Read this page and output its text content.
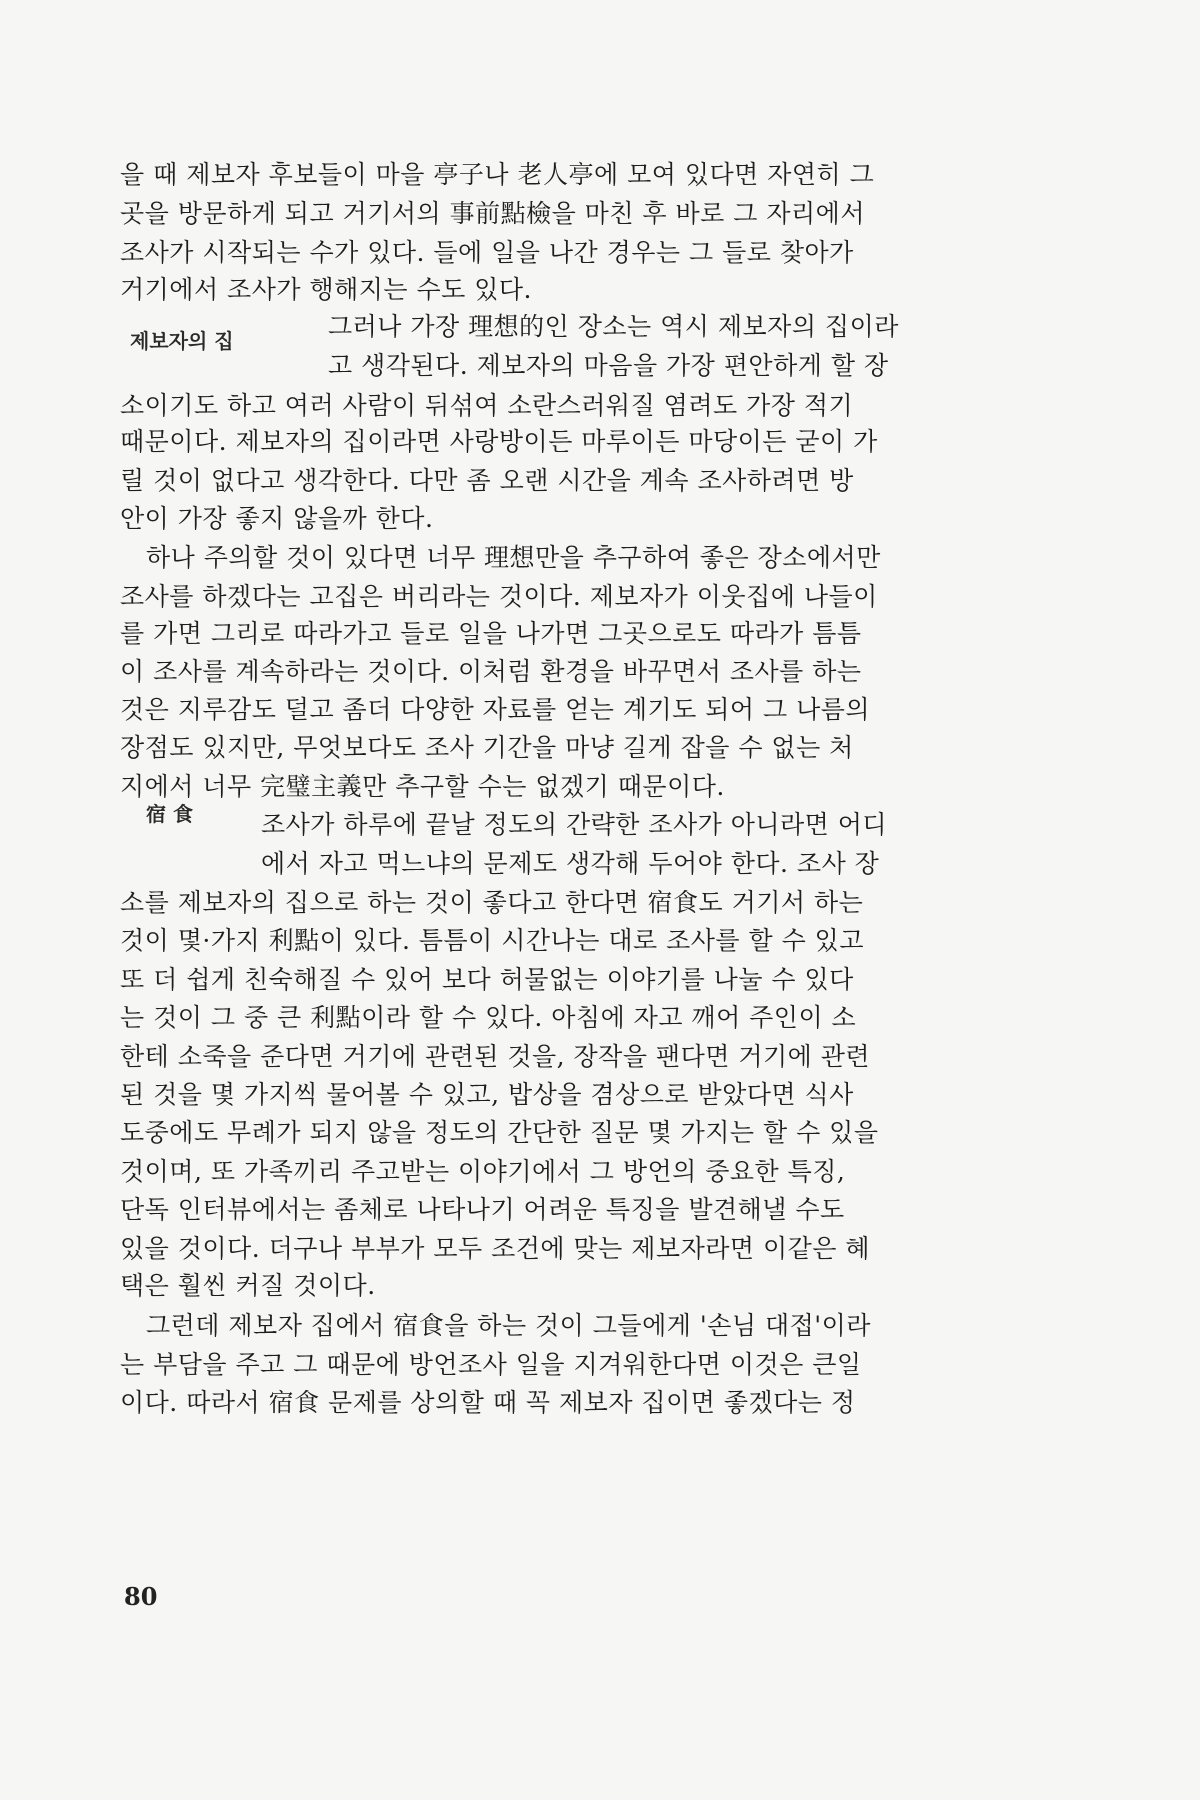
제보자의 집
宿 食
을 때 제보자 후보들이 마을 亭子나 老人亭에 모여 있다면 자연히 그
곳을 방문하게 되고 거기서의 事前點檢을 마친 후 바로 그 자리에서
조사가 시작되는 수가 있다. 들에 일을 나간 경우는 그 들로 찾아가
거기에서 조사가 행해지는 수도 있다.
그러나 가장 理想的인 장소는 역시 제보자의 집이라
고 생각된다. 제보자의 마음을 가장 편안하게 할 장
소이기도 하고 여러 사람이 뒤섞여 소란스러워질 염려도 가장 적기
때문이다. 제보자의 집이라면 사랑방이든 마루이든 마당이든 굳이 가
릴 것이 없다고 생각한다. 다만 좀 오랜 시간을 계속 조사하려면 방
안이 가장 좋지 않을까 한다.
하나 주의할 것이 있다면 너무 理想만을 추구하여 좋은 장소에서만
조사를 하겠다는 고집은 버리라는 것이다. 제보자가 이웃집에 나들이
를 가면 그리로 따라가고 들로 일을 나가면 그곳으로도 따라가 틈틈
이 조사를 계속하라는 것이다. 이처럼 환경을 바꾸면서 조사를 하는
것은 지루감도 덜고 좀더 다양한 자료를 얻는 계기도 되어 그 나름의
장점도 있지만, 무엇보다도 조사 기간을 마냥 길게 잡을 수 없는 처
지에서 너무 完璧主義만 추구할 수는 없겠기 때문이다.
조사가 하루에 끝날 정도의 간략한 조사가 아니라면 어디
에서 자고 먹느냐의 문제도 생각해 두어야 한다. 조사 장
소를 제보자의 집으로 하는 것이 좋다고 한다면 宿食도 거기서 하는
것이 몇·가지 利點이 있다. 틈틈이 시간나는 대로 조사를 할 수 있고
또 더 쉽게 친숙해질 수 있어 보다 허물없는 이야기를 나눌 수 있다
는 것이 그 중 큰 利點이라 할 수 있다. 아침에 자고 깨어 주인이 소
한테 소죽을 준다면 거기에 관련된 것을, 장작을 팬다면 거기에 관련
된 것을 몇 가지씩 물어볼 수 있고, 밥상을 겸상으로 받았다면 식사
도중에도 무례가 되지 않을 정도의 간단한 질문 몇 가지는 할 수 있을
것이며, 또 가족끼리 주고받는 이야기에서 그 방언의 중요한 특징,
단독 인터뷰에서는 좀체로 나타나기 어려운 특징을 발견해낼 수도
있을 것이다. 더구나 부부가 모두 조건에 맞는 제보자라면 이같은 혜
택은 훨씬 커질 것이다.
그런데 제보자 집에서 宿食을 하는 것이 그들에게 '손님 대접'이라
는 부담을 주고 그 때문에 방언조사 일을 지겨워한다면 이것은 큰일
이다. 따라서 宿食 문제를 상의할 때 꼭 제보자 집이면 좋겠다는 정
80
